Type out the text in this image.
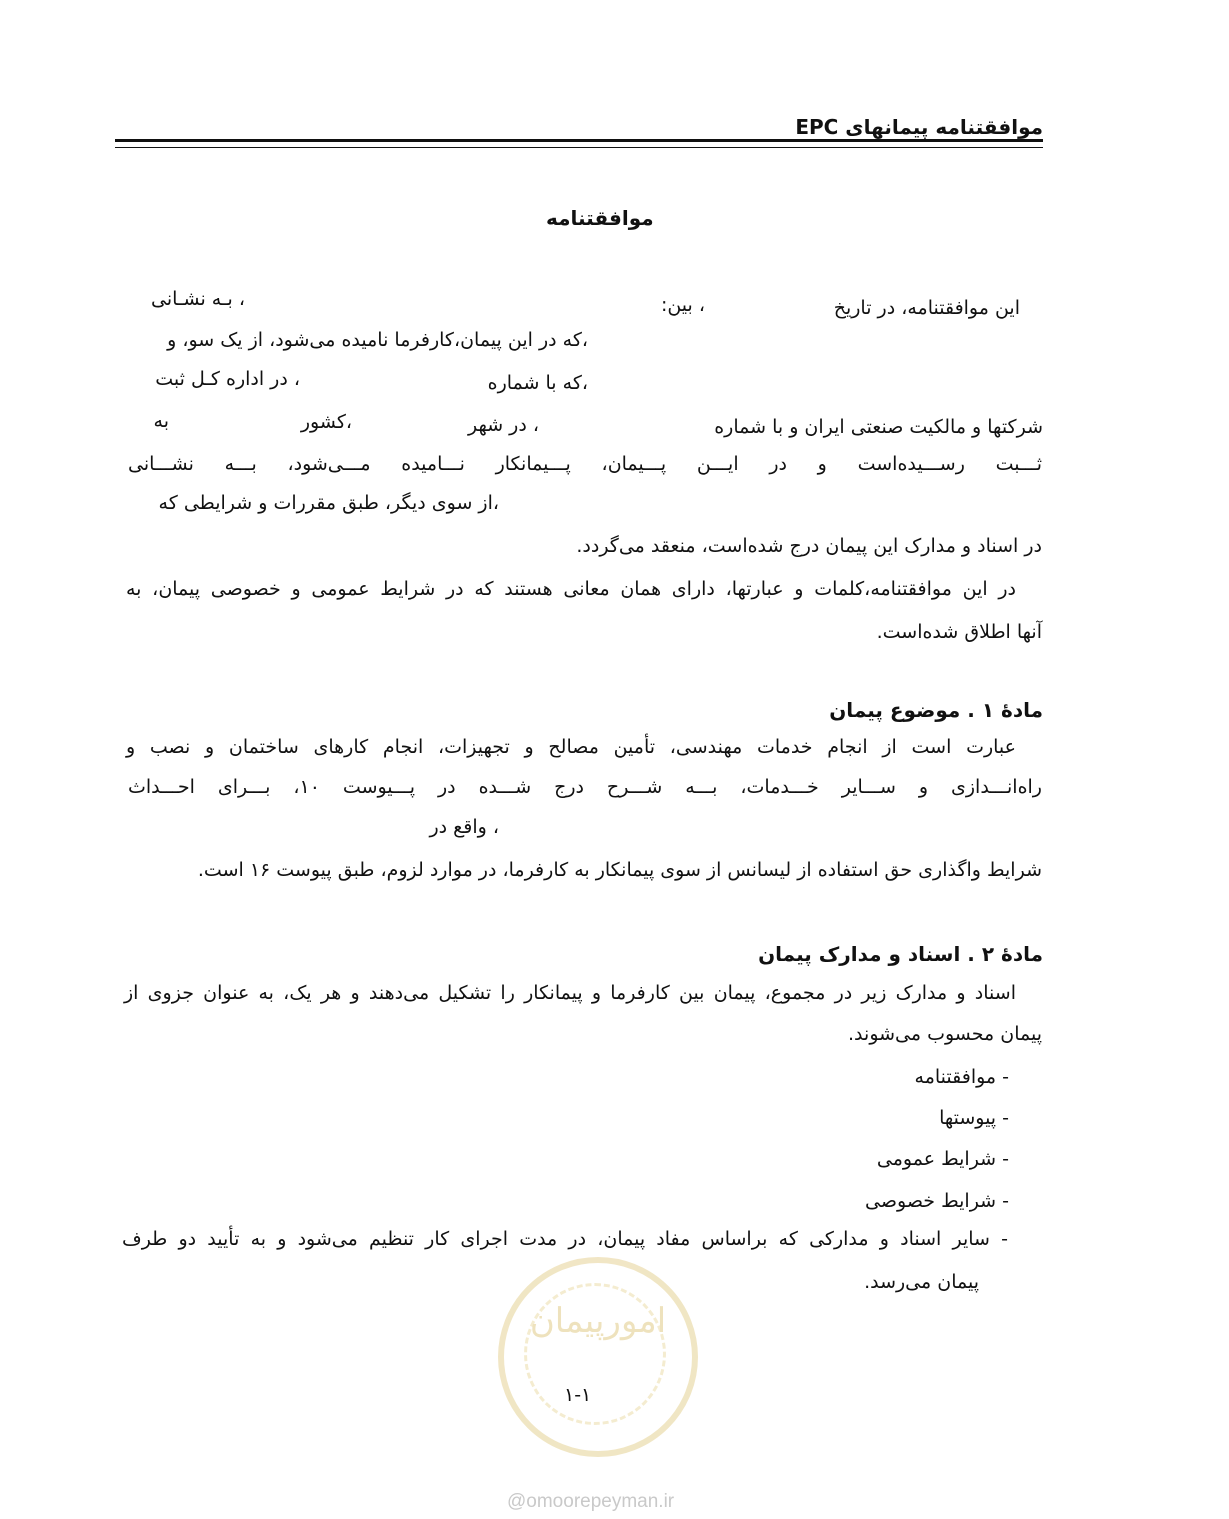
موافقتنامه پیمانهای EPC
موافقتنامه
این موافقتنامه، در تاریخ
، بین:
، بـه نشـانی
،که در این پیمان،کارفرما نامیده می‌شود، از یک سو، و
،که با شماره
، در اداره کـل ثبت
شرکتها و مالکیت صنعتی ایران و با شماره
، در شهر
،کشور
به
ثـــبت رســـیده‌است و در ایـــن پـــیمان، پـــیمانکار نـــامیده مـــی‌شود، بـــه نشـــانی
،از سوی دیگر، طبق مقررات و شرایطی که
در اسناد و مدارک این پیمان درج شده‌است، منعقد می‌گردد.
در این موافقتنامه،کلمات و عبارتها، دارای همان معانی هستند که در شرایط عمومی و خصوصی پیمان، به
آنها اطلاق شده‌است.
مادۀ ۱ . موضوع پیمان
عبارت است از انجام خدمات مهندسی، تأمین مصالح و تجهیزات، انجام کارهای ساختمان و نصب و
راه‌انـــدازی و ســـایر خـــدمات، بـــه شـــرح درج شـــده در پـــیوست ۱۰، بـــرای احـــداث
، واقع در
شرایط واگذاری حق استفاده از لیسانس از سوی پیمانکار به کارفرما، در موارد لزوم، طبق پیوست ۱۶ است.
مادۀ ۲ . اسناد و مدارک پیمان
اسناد و مدارک زیر در مجموع، پیمان بین کارفرما و پیمانکار را تشکیل می‌دهند و هر یک، به عنوان جزوی از
پیمان محسوب می‌شوند.
- موافقتنامه
- پیوستها
- شرایط عمومی
- شرایط خصوصی
- سایر اسناد و مدارکی که براساس مفاد پیمان، در مدت اجرای کار تنظیم می‌شود و به تأیید دو طرف
پیمان می‌رسد.
امورپیمان
۱-۱
@omoorepeyman.ir
